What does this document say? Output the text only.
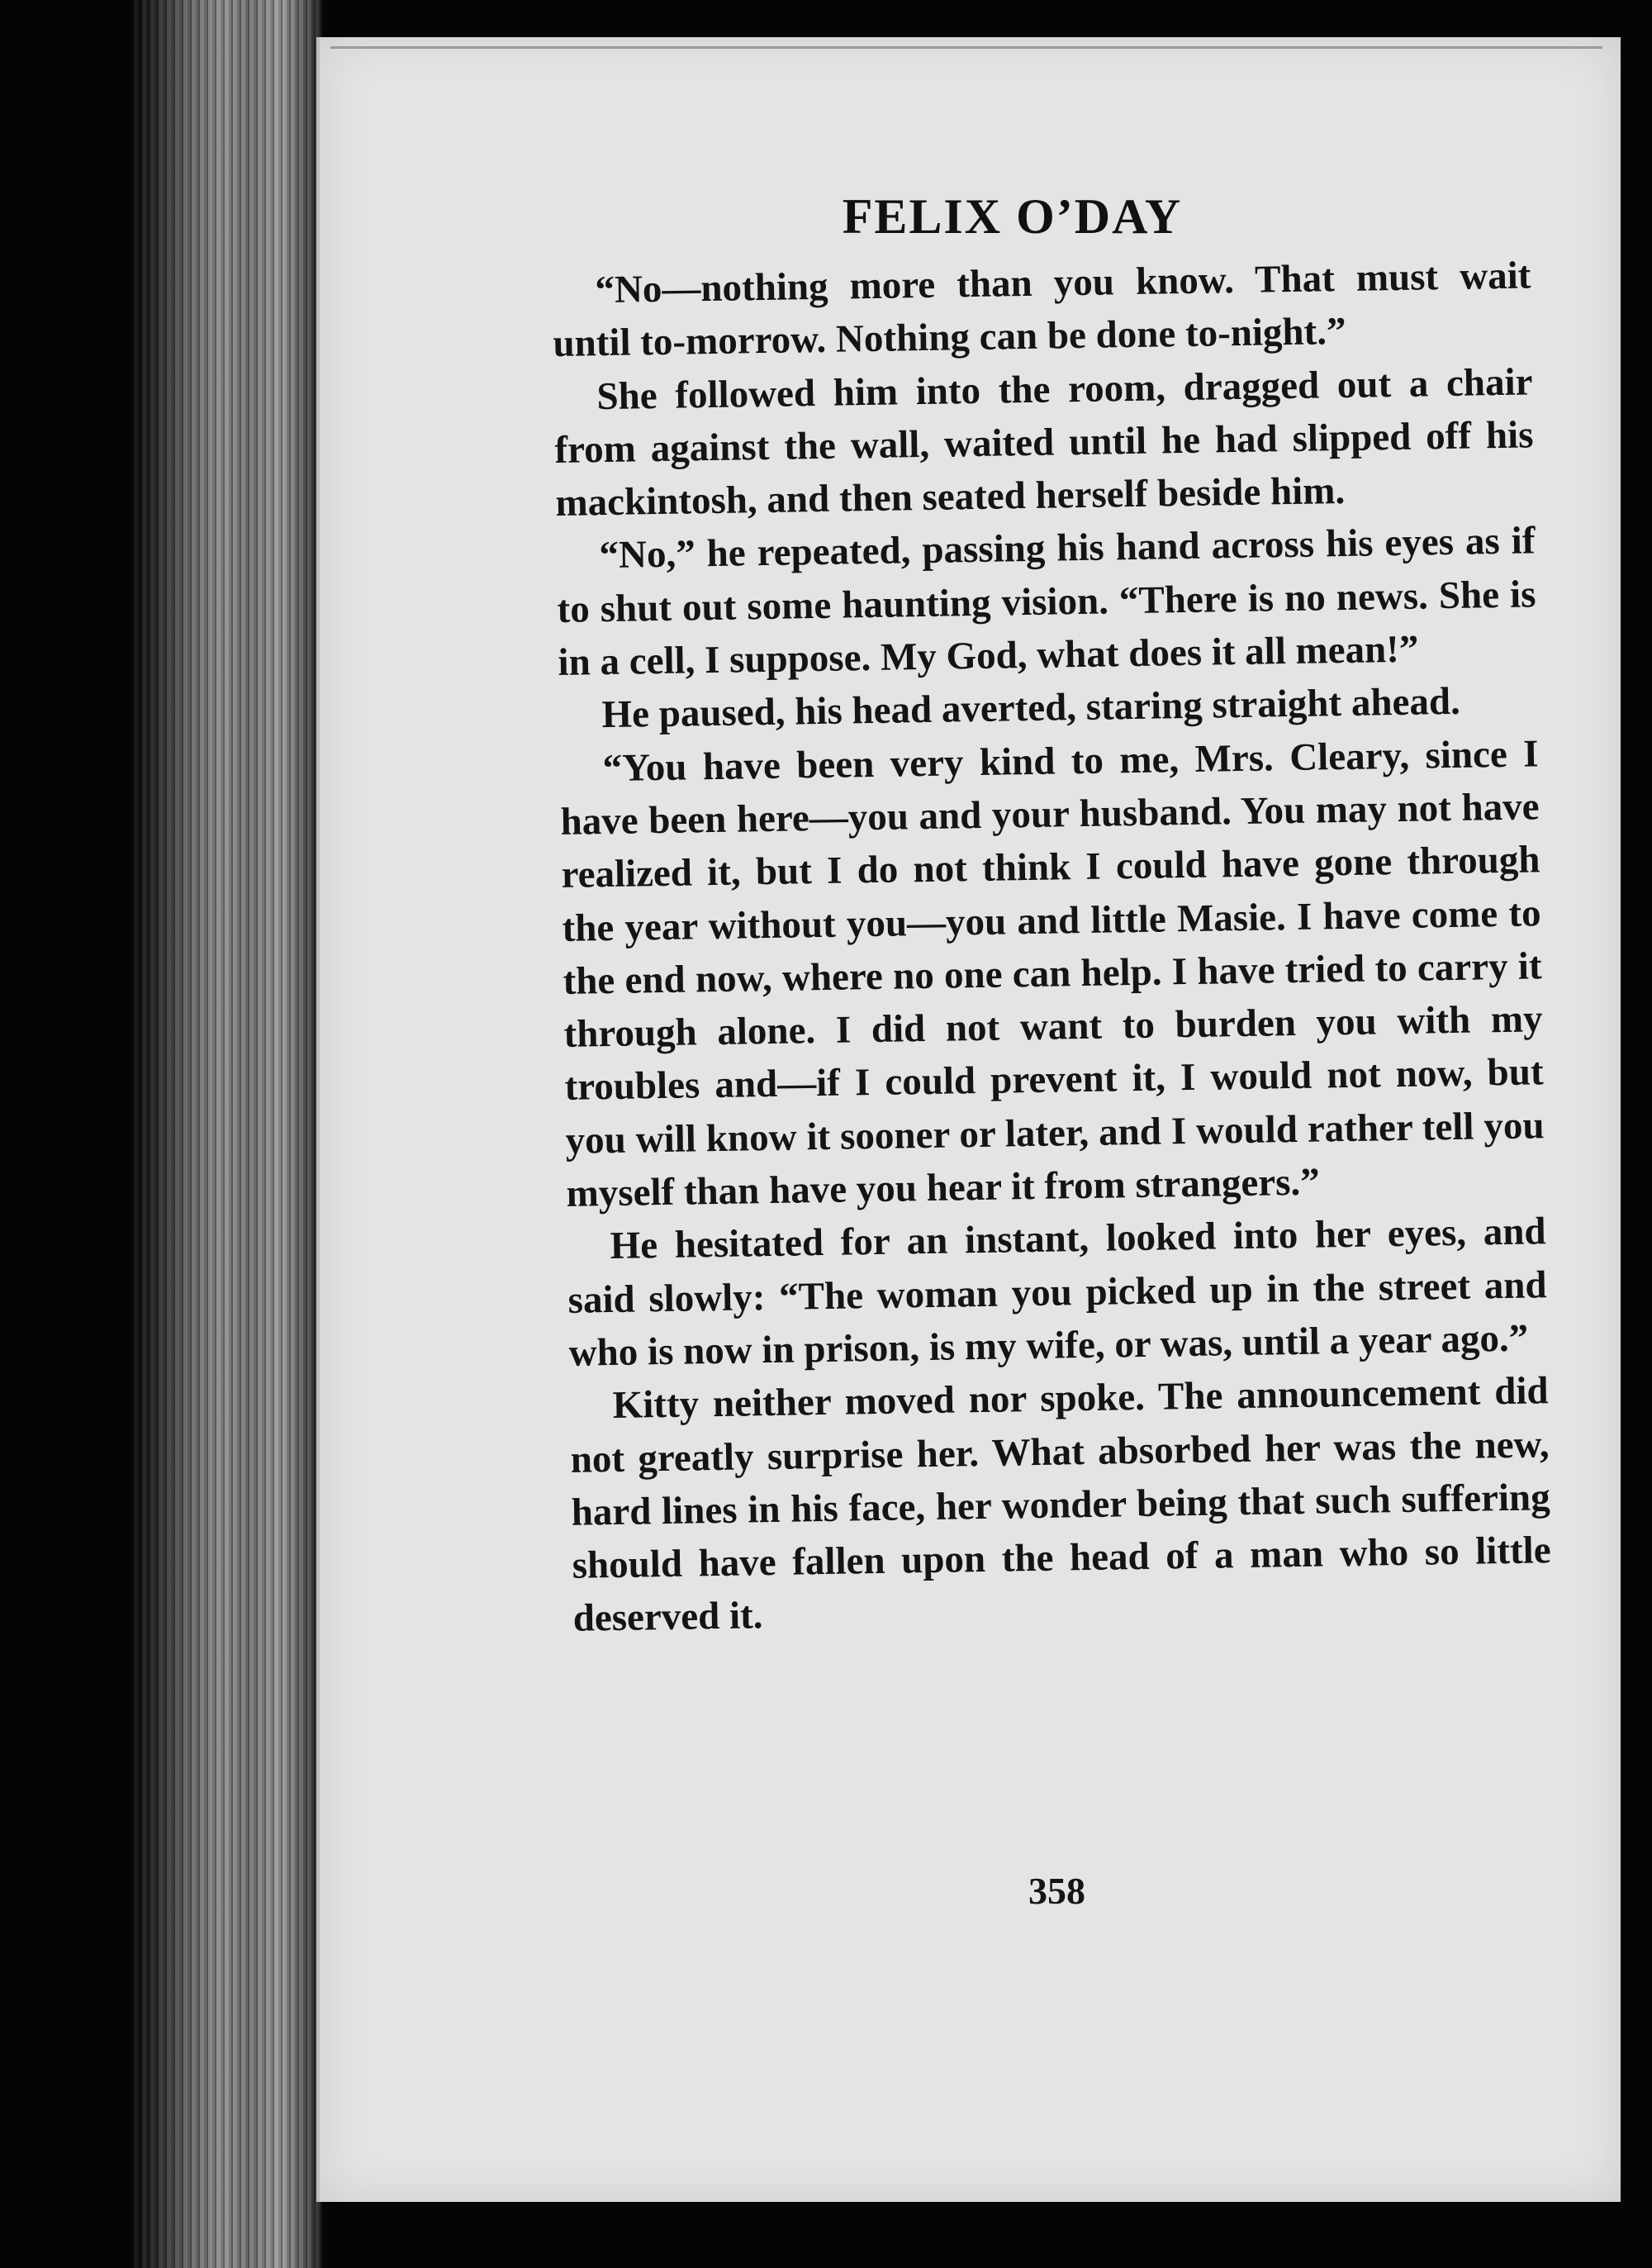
FELIX O’DAY

“No—nothing more than you know. That must wait until to-morrow. Nothing can be done to-night.”

She followed him into the room, dragged out a chair from against the wall, waited until he had slipped off his mackintosh, and then seated herself beside him.

“No,” he repeated, passing his hand across his eyes as if to shut out some haunting vision. “There is no news. She is in a cell, I suppose. My God, what does it all mean!”

He paused, his head averted, staring straight ahead.

“You have been very kind to me, Mrs. Cleary, since I have been here—you and your husband. You may not have realized it, but I do not think I could have gone through the year without you—you and little Masie. I have come to the end now, where no one can help. I have tried to carry it through alone. I did not want to burden you with my troubles and—if I could prevent it, I would not now, but you will know it sooner or later, and I would rather tell you myself than have you hear it from strangers.”

He hesitated for an instant, looked into her eyes, and said slowly: “The woman you picked up in the street and who is now in prison, is my wife, or was, until a year ago.”

Kitty neither moved nor spoke. The announcement did not greatly surprise her. What absorbed her was the new, hard lines in his face, her wonder being that such suffering should have fallen upon the head of a man who so little deserved it.

358
